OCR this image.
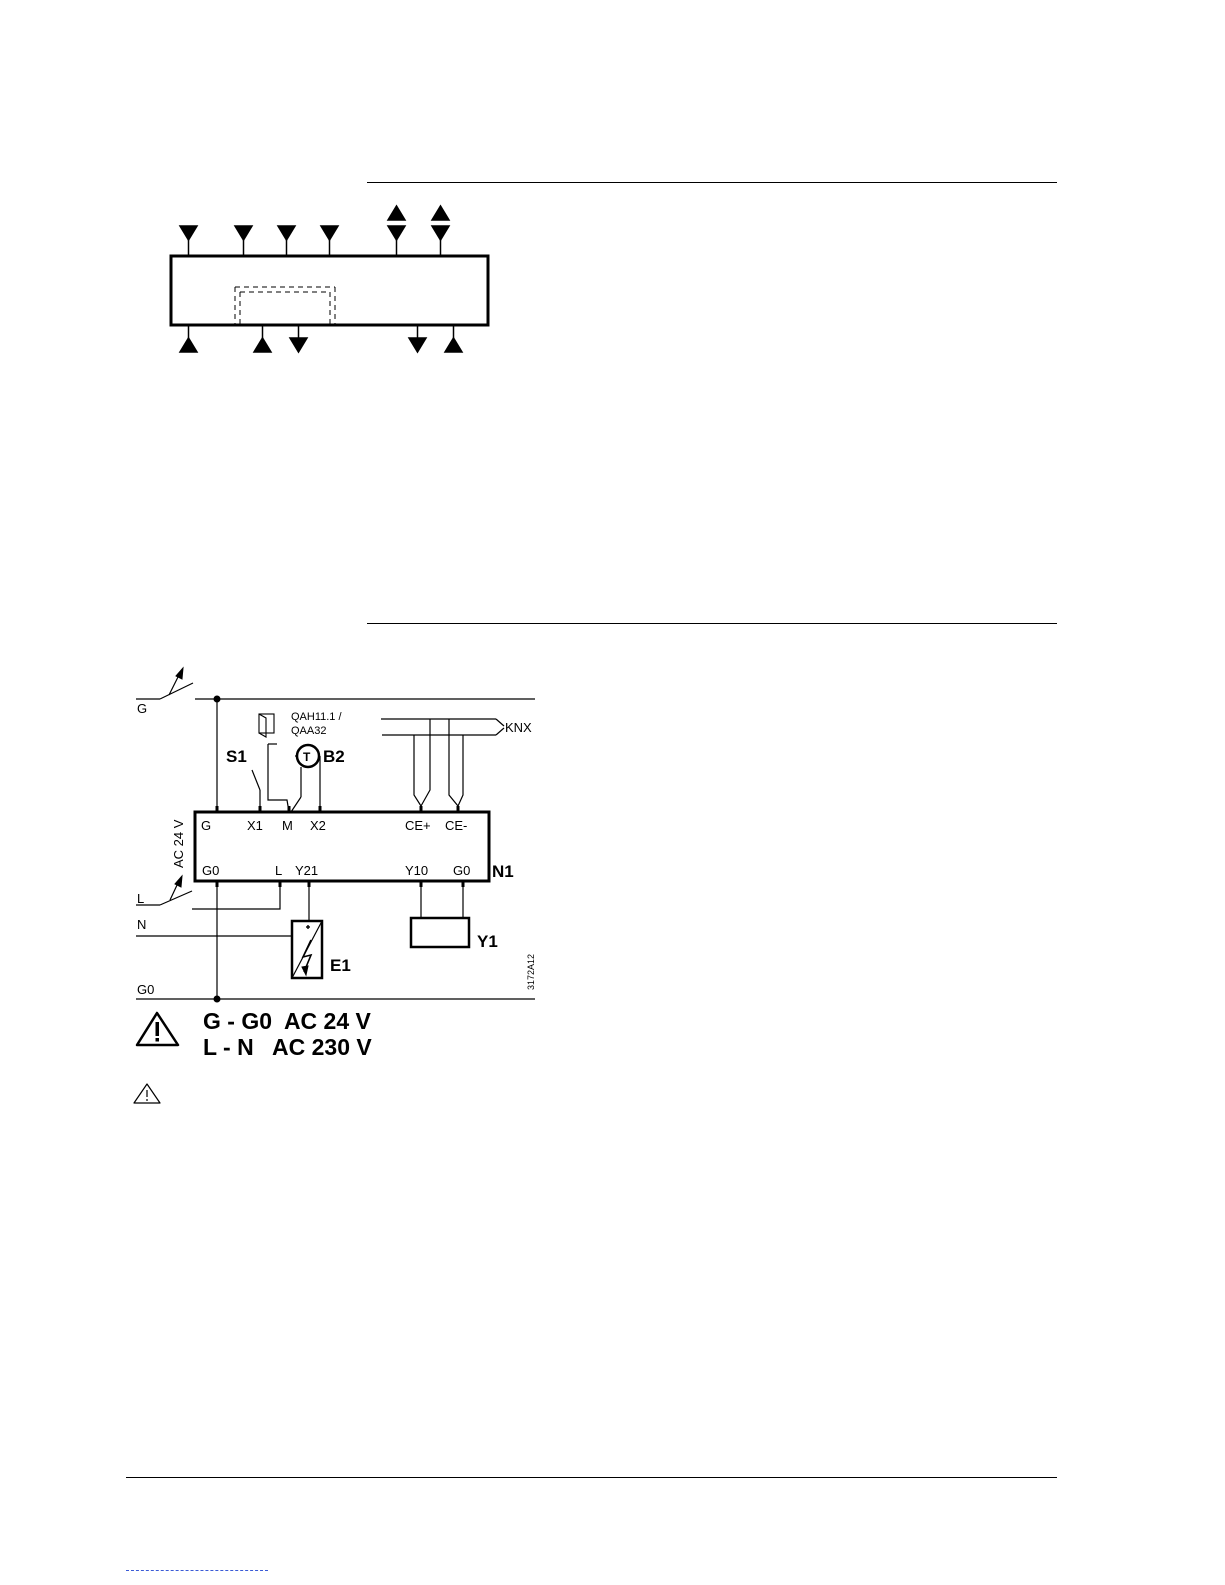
G
L
N
G0
QAH11.1 /
QAA32
T B2
S1
KNX
AC 24 V G	X1 M X2	CE+ CE-
G0	L Y21	Y10 G0 N1
E1
Y1
3172A12
G - G0  AC 24 V
L - N   AC 230 V
